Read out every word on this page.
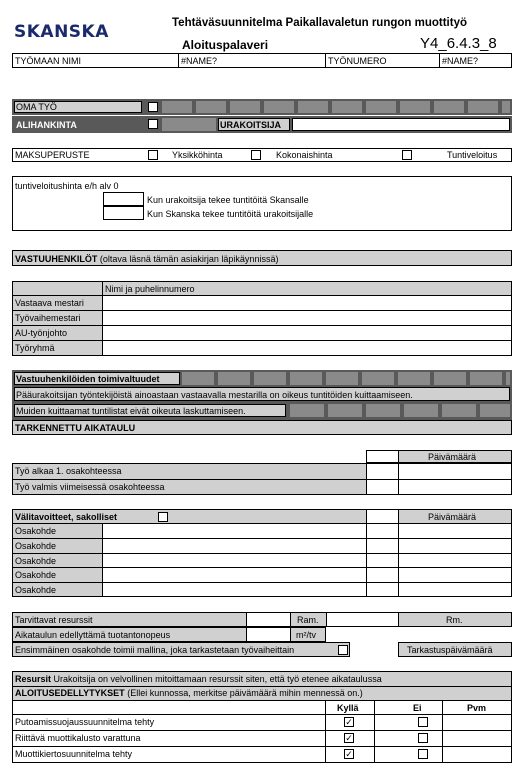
SKANSKA	Tehtäväsuunnitelma Paikallavaletun rungon muottityö
Aloituspalaveri	Y4_6.4.3_8
TYÖMAAN NIMI	#NAME?	TYÖNUMERO	#NAME?
OMA TYÖ
ALIHANKINTA	URAKOITSIJA
MAKSUPERUSTE	Yksikköhinta	Kokonaishinta	Tuntiveloitus
tuntiveloitushinta e/h alv 0
Kun urakoitsija tekee tuntitöitä Skansalle
Kun Skanska tekee tuntitöitä urakoitsijalle
VASTUUHENKILÖT (oltava läsnä tämän asiakirjan läpikäynnissä)
Nimi ja puhelinnumero
Vastaava mestari
Työvaihemestari
AU-työnjohto
Työryhmä
Vastuuhenkilöiden toimivaltuudet
Pääurakoitsijan työntekijöistä ainoastaan vastaavalla mestarilla on oikeus tuntitöiden kuittaamiseen.
Muiden kuittaamat tuntilistat eivät oikeuta laskuttamiseen.
TARKENNETTU AIKATAULU
Päivämäärä
Työ alkaa 1. osakohteessa
Työ valmis viimeisessä osakohteessa
Välitavoitteet, sakolliset	Päivämäärä
Osakohde
Osakohde
Osakohde
Osakohde
Osakohde
Tarvittavat resurssit	Ram.	Rm.
Aikataulun edellyttämä tuotantonopeus	m²/tv
Ensimmäinen osakohde toimii mallina, joka tarkastetaan työvaiheittain	Tarkastuspäivämäärä
Resursit Urakoitsija on velvollinen mitoittamaan resurssit siten, että työ etenee aikataulussa
ALOITUSEDELLYTYKSET (Ellei kunnossa, merkitse päivämäärä mihin mennessä on.)
Kyllä	Ei	Pvm
Putoamissuojaussuunnitelma tehty	✓
Riittävä muottikalusto varattuna	✓
Muottikiertosuunnitelma tehty	✓
